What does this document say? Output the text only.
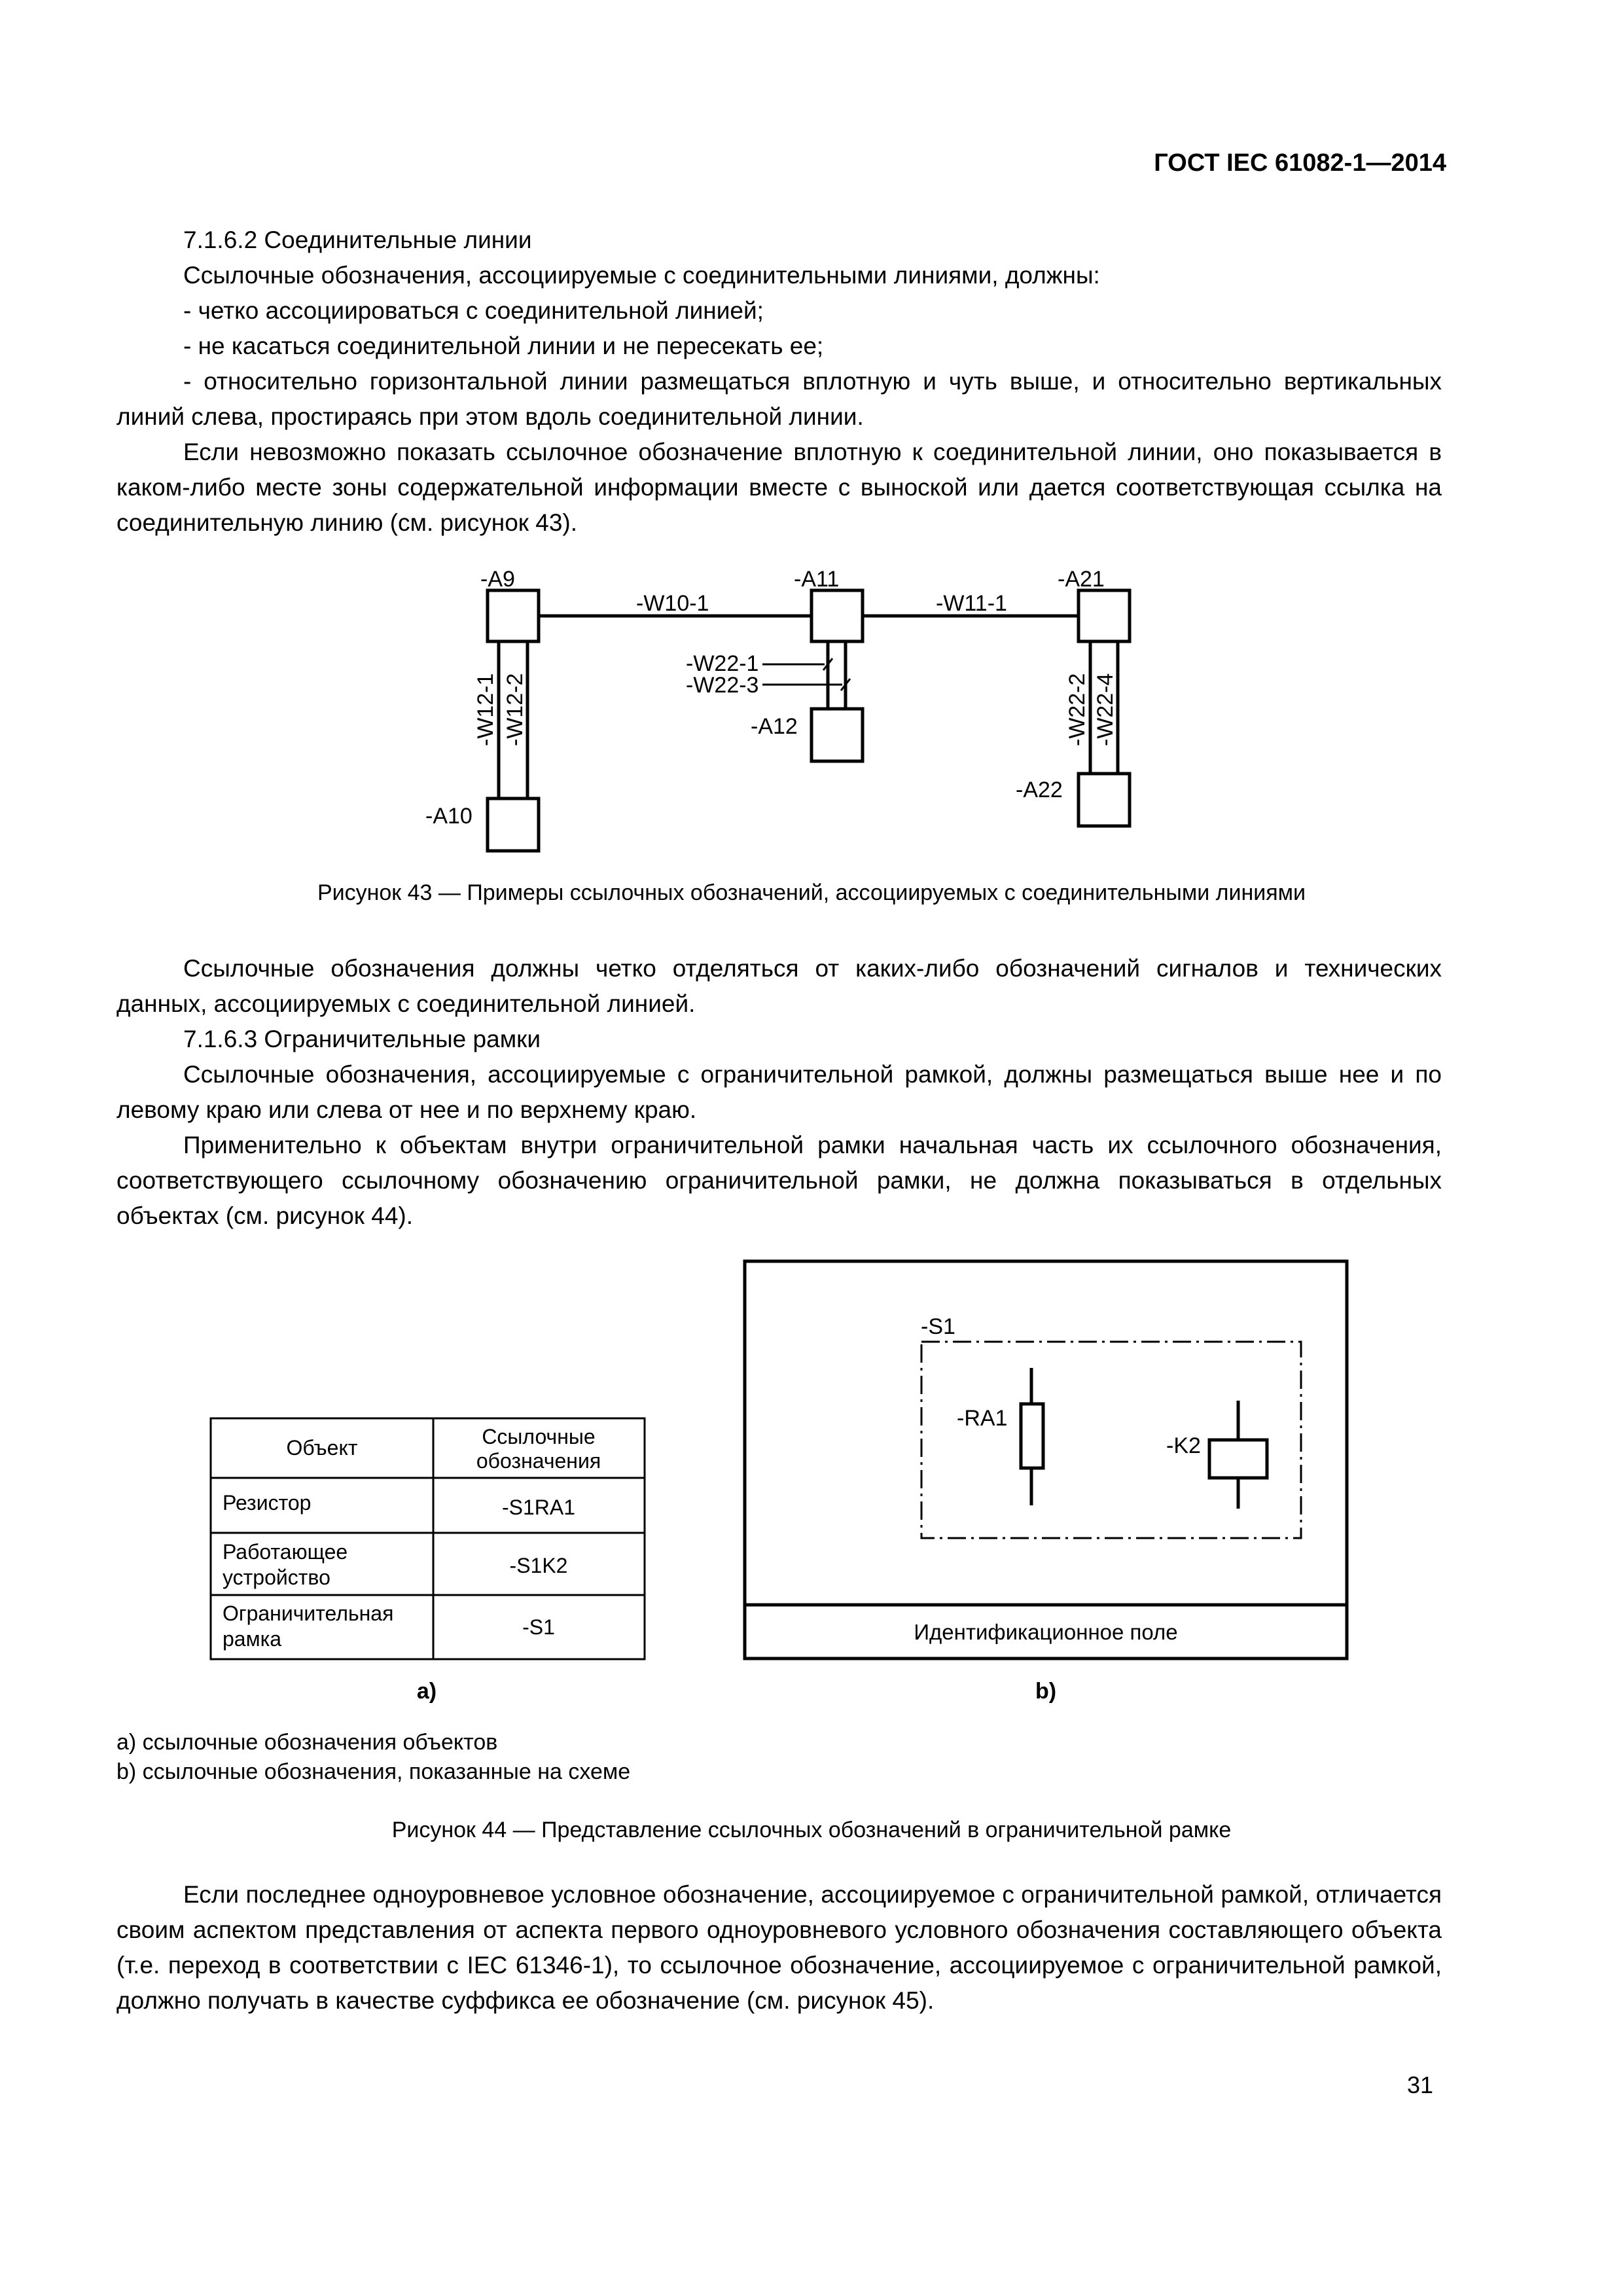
ГОСТ IEC 61082-1—2014

7.1.6.2 Соединительные линии

Ссылочные обозначения, ассоциируемые с соединительными линиями, должны:

- четко ассоциироваться с соединительной линией;

- не касаться соединительной линии и не пересекать ее;

- относительно горизонтальной линии размещаться вплотную и чуть выше, и относительно вертикальных линий слева, простираясь при этом вдоль соединительной линии.

Если невозможно показать ссылочное обозначение вплотную к соединительной линии, оно показывается в каком-либо месте зоны содержательной информации вместе с выноской или дается соответствующая ссылка на соединительную линию (см. рисунок 43).

-A9
-A10
-A11
-A12
-A21
-A22
-W10-1	-W11-1
-W22-1
-W22-3
-W12-1 -W12-2	-W22-2 -W22-4
Рисунок 43 — Примеры ссылочных обозначений, ассоциируемых с соединительными линиями

Ссылочные обозначения должны четко отделяться от каких-либо обозначений сигналов и технических данных, ассоциируемых с соединительной линией.

7.1.6.3 Ограничительные рамки

Ссылочные обозначения, ассоциируемые с ограничительной рамкой, должны размещаться выше нее и по левому краю или слева от нее и по верхнему краю.

Применительно к объектам внутри ограничительной рамки начальная часть их ссылочного обозначения, соответствующего ссылочному обозначению ограничительной рамки, не должна показываться в отдельных объектах (см. рисунок 44).

Объект	Ссылочные
обозначения
Резистор	-S1RA1
Работающее
устройство	-S1K2
Ограничительная
рамка	-S1
-S1
-RA1
-K2
Идентификационное поле
a)	b)
a) ссылочные обозначения объектов
b) ссылочные обозначения, показанные на схеме
Рисунок 44 — Представление ссылочных обозначений в ограничительной рамке

Если последнее одноуровневое условное обозначение, ассоциируемое с ограничительной рамкой, отличается своим аспектом представления от аспекта первого одноуровневого условного обозначения составляющего объекта (т.е. переход в соответствии с IEC 61346-1), то ссылочное обозначение, ассоциируемое с ограничительной рамкой, должно получать в качестве суффикса ее обозначение (см. рисунок 45).

31
